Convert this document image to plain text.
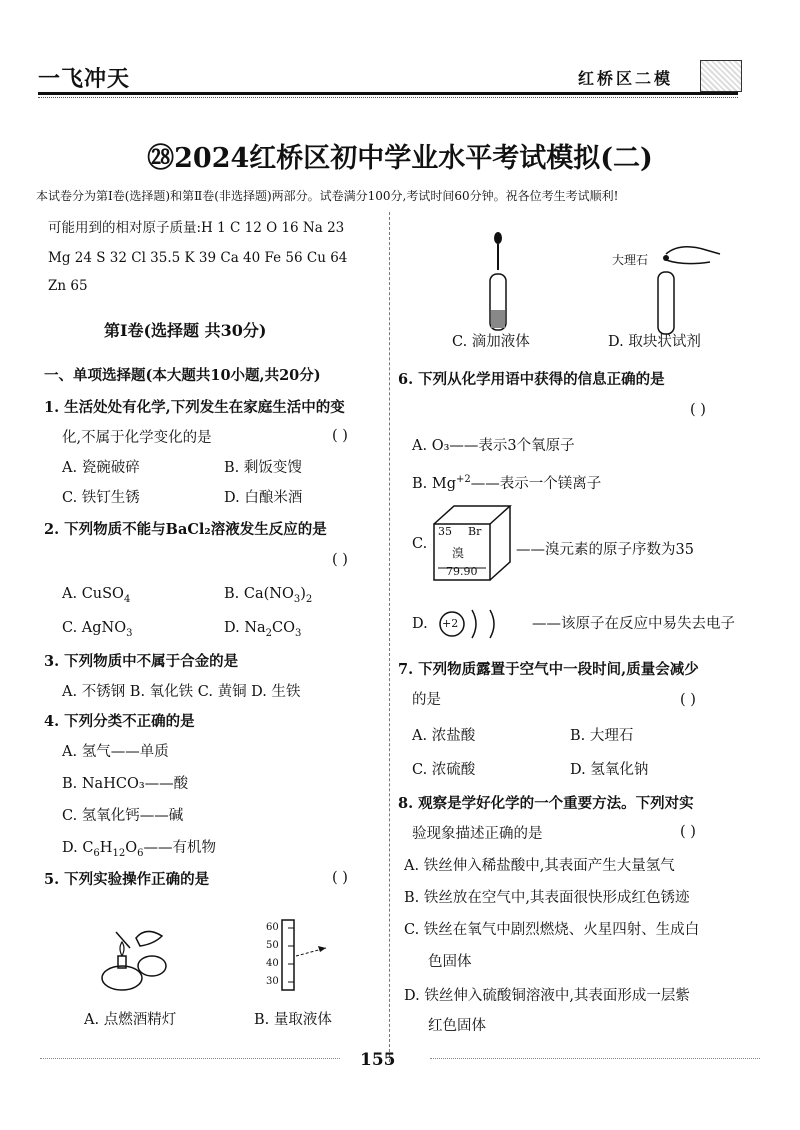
一飞冲天	红桥区二模
㉘2024红桥区初中学业水平考试模拟(二)
本试卷分为第Ⅰ卷(选择题)和第Ⅱ卷(非选择题)两部分。试卷满分100分,考试时间60分钟。祝各位考生考试顺利!
可能用到的相对原子质量:H 1 C 12 O 16 Na 23
Mg 24 S 32 Cl 35.5 K 39 Ca 40 Fe 56 Cu 64
Zn 65
第Ⅰ卷(选择题 共30分)
一、单项选择题(本大题共10小题,共20分)
1. 生活处处有化学,下列发生在家庭生活中的变
化,不属于化学变化的是	( )
A. 瓷碗破碎	B. 剩饭变馊
C. 铁钉生锈	D. 白酿米酒
2. 下列物质不能与BaCl₂溶液发生反应的是
( )
A. CuSO$_4$	B. $Ca(NO_3)_2$
C. AgNO$_3$	D. $Na_2CO_3$
3. 下列物质中不属于合金的是
A. 不锈钢 B. 氧化铁 C. 黄铜 D. 生铁
4. 下列分类不正确的是
A. 氢气——单质
B. NaHCO₃——酸
C. 氢氧化钙——碱
D. $C_6H_{12}O_6——$有机物
5. 下列实验操作正确的是	( )
A. 点燃酒精灯
60
50
40
30
B. 量取液体
C. 滴加液体
大理石
D. 取块状试剂
6. 下列从化学用语中获得的信息正确的是
( )
A. O₃——表示3个氧原子
B. $Mg^{+2}——$表示一个镁离子
C.
35 Br
溴
79.90
——溴元素的原子序数为35
D. +2	——该原子在反应中易失去电子
7. 下列物质露置于空气中一段时间,质量会减少
的是	( )
A. 浓盐酸	B. 大理石
C. 浓硫酸	D. 氢氧化钠
8. 观察是学好化学的一个重要方法。下列对实
验现象描述正确的是	( )
A. 铁丝伸入稀盐酸中,其表面产生大量氢气
B. 铁丝放在空气中,其表面很快形成红色锈迹
C. 铁丝在氧气中剧烈燃烧、火星四射、生成白
色固体
D. 铁丝伸入硫酸铜溶液中,其表面形成一层紫
红色固体
155
